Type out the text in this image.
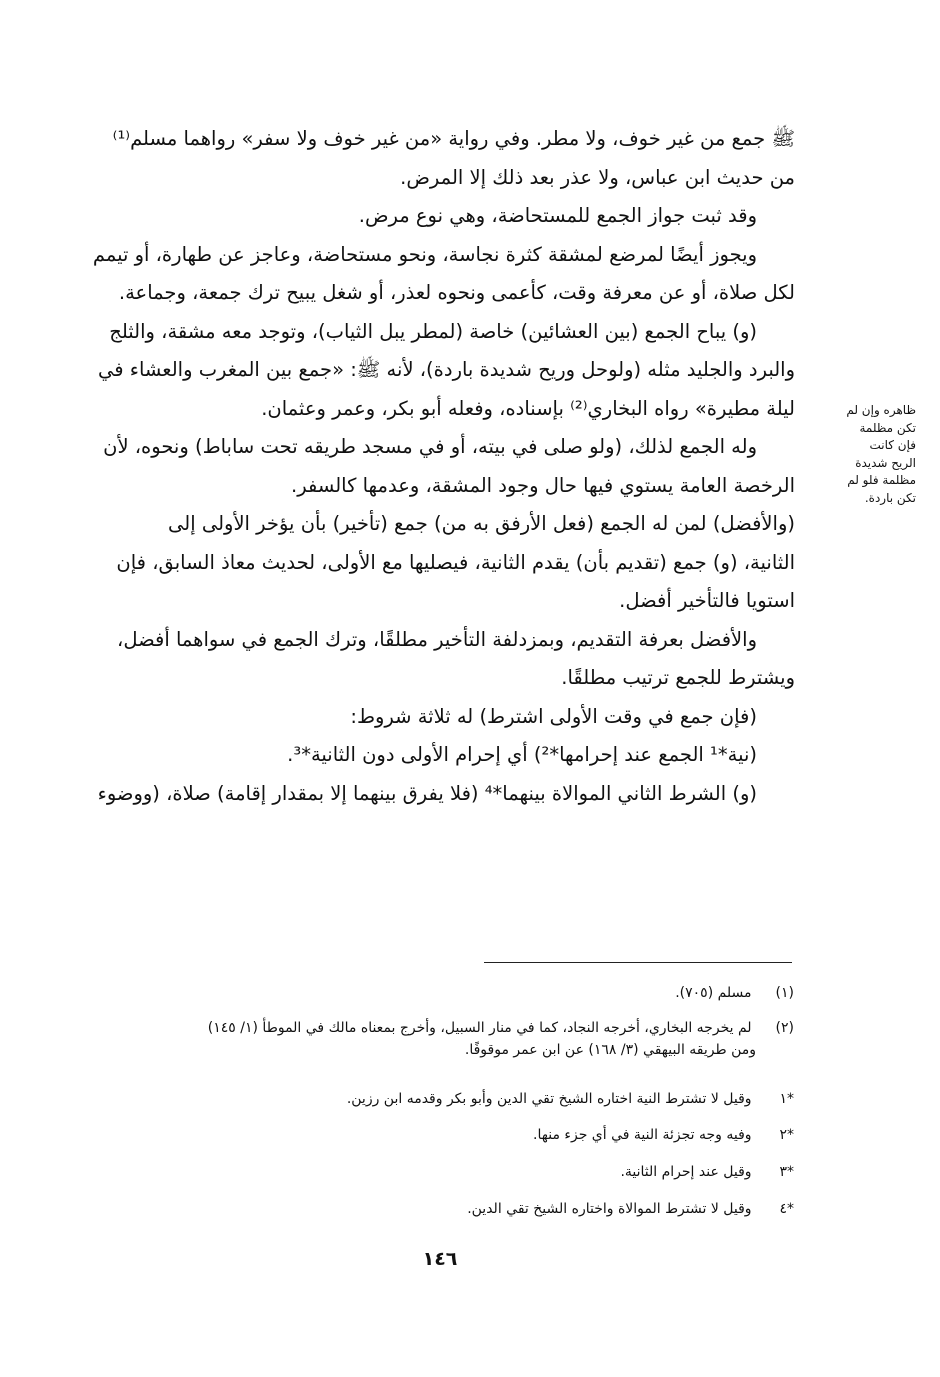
ﷺ جمع من غير خوف، ولا مطر. وفي رواية «من غير خوف ولا سفر» رواهما مسلم⁽¹⁾
من حديث ابن عباس، ولا عذر بعد ذلك إلا المرض.
وقد ثبت جواز الجمع للمستحاضة، وهي نوع مرض.
ويجوز أيضًا لمرضع لمشقة كثرة نجاسة، ونحو مستحاضة، وعاجز عن طهارة، أو تيمم
لكل صلاة، أو عن معرفة وقت، كأعمى ونحوه لعذر، أو شغل يبيح ترك جمعة، وجماعة.
(و) يباح الجمع (بين العشائين) خاصة (لمطر يبل الثياب)، وتوجد معه مشقة، والثلج
والبرد والجليد مثله (ولوحل وريح شديدة باردة)، لأنه ﷺ: «جمع بين المغرب والعشاء في
ليلة مطيرة» رواه البخاري⁽²⁾ بإسناده، وفعله أبو بكر، وعمر وعثمان.
وله الجمع لذلك، (ولو صلى في بيته، أو في مسجد طريقه تحت ساباط) ونحوه، لأن
الرخصة العامة يستوي فيها حال وجود المشقة، وعدمها كالسفر.
(والأفضل) لمن له الجمع (فعل الأرفق به من) جمع (تأخير) بأن يؤخر الأولى إلى
الثانية، (و) جمع (تقديم بأن) يقدم الثانية، فيصليها مع الأولى، لحديث معاذ السابق، فإن
استويا فالتأخير أفضل.
والأفضل بعرفة التقديم، وبمزدلفة التأخير مطلقًا، وترك الجمع في سواهما أفضل،
ويشترط للجمع ترتيب مطلقًا.
(فإن جمع في وقت الأولى اشترط) له ثلاثة شروط:
(نية*¹ الجمع عند إحرامها*²) أي إحرام الأولى دون الثانية*³.
(و) الشرط الثاني الموالاة بينهما*⁴ (فلا يفرق بينهما إلا بمقدار إقامة) صلاة، (ووضوء
ظاهره وإن لم
تكن مظلمة
فإن كانت
الريح شديدة
مظلمة فلو لم
تكن باردة.
(١) مسلم (٧٠٥).
(٢) لم يخرجه البخاري، أخرجه النجاد، كما في منار السبيل، وأخرج بمعناه مالك في الموطأ (١/ ١٤٥)
ومن طريقه البيهقي (٣/ ١٦٨) عن ابن عمر موقوفًا.
*١ وقيل لا تشترط النية اختاره الشيخ تقي الدين وأبو بكر وقدمه ابن رزين.
*٢ وفيه وجه تجزئة النية في أي جزء منها.
*٣ وقيل عند إحرام الثانية.
*٤ وقيل لا تشترط الموالاة واختاره الشيخ تقي الدين.
١٤٦
